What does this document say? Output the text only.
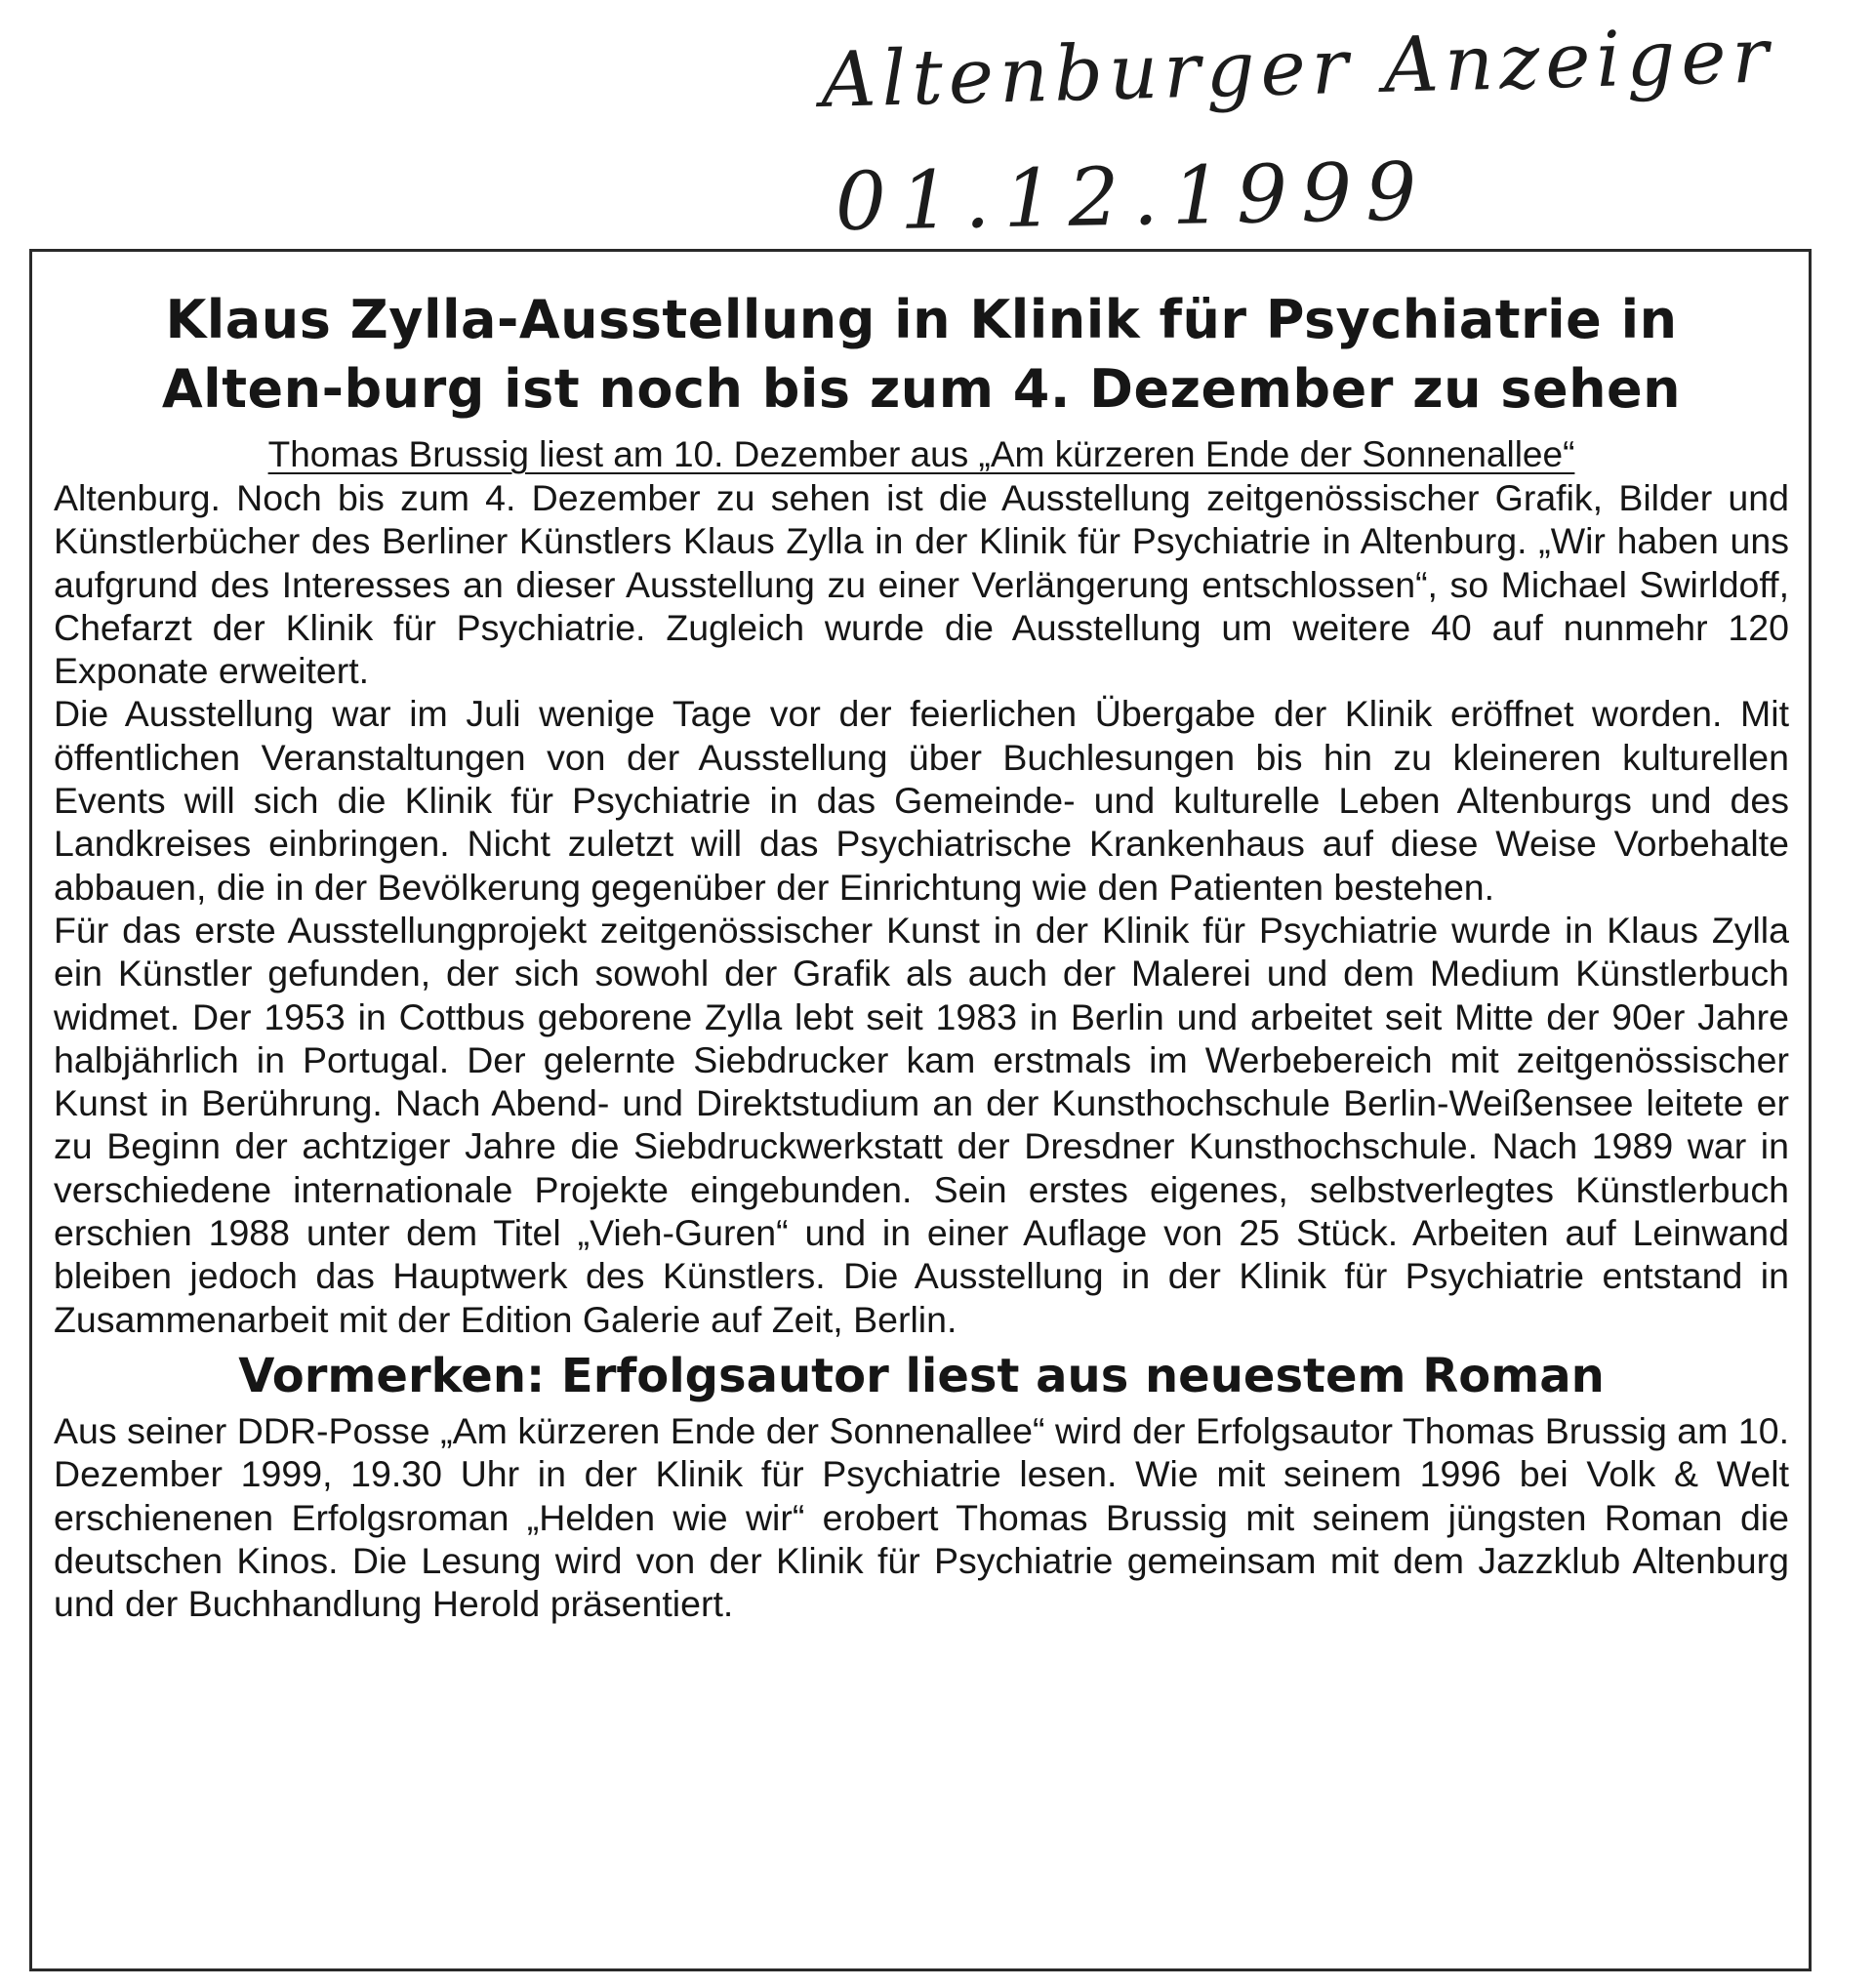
Altenburger Anzeiger
01.12.1999
Klaus Zylla-Ausstellung in Klinik für Psychiatrie in Alten-burg ist noch bis zum 4. Dezember zu sehen
Thomas Brussig liest am 10. Dezember aus „Am kürzeren Ende der Sonnenallee“

Altenburg. Noch bis zum 4. Dezember zu sehen ist die Ausstellung zeitgenössischer Grafik, Bilder und Künstlerbücher des Berliner Künstlers Klaus Zylla in der Klinik für Psychiatrie in Altenburg. „Wir haben uns aufgrund des Interesses an dieser Ausstellung zu einer Verlängerung entschlossen“, so Michael Swirldoff, Chefarzt der Klinik für Psychiatrie. Zugleich wurde die Ausstellung um weitere 40 auf nunmehr 120 Exponate erweitert.

Die Ausstellung war im Juli wenige Tage vor der feierlichen Übergabe der Klinik eröffnet worden. Mit öffentlichen Veranstaltungen von der Ausstellung über Buchlesungen bis hin zu kleineren kulturellen Events will sich die Klinik für Psychiatrie in das Gemeinde- und kulturelle Leben Altenburgs und des Landkreises einbringen. Nicht zuletzt will das Psychiatrische Krankenhaus auf diese Weise Vorbehalte abbauen, die in der Bevölkerung gegenüber der Einrichtung wie den Patienten bestehen.

Für das erste Ausstellungprojekt zeitgenössischer Kunst in der Klinik für Psychiatrie wurde in Klaus Zylla ein Künstler gefunden, der sich sowohl der Grafik als auch der Malerei und dem Medium Künstlerbuch widmet. Der 1953 in Cottbus geborene Zylla lebt seit 1983 in Berlin und arbeitet seit Mitte der 90er Jahre halbjährlich in Portugal. Der gelernte Siebdrucker kam erstmals im Werbebereich mit zeitgenössischer Kunst in Berührung. Nach Abend- und Direktstudium an der Kunsthochschule Berlin-Weißensee leitete er zu Beginn der achtziger Jahre die Siebdruckwerkstatt der Dresdner Kunsthochschule. Nach 1989 war in verschiedene internationale Projekte eingebunden. Sein erstes eigenes, selbstverlegtes Künstlerbuch erschien 1988 unter dem Titel „Vieh-Guren“ und in einer Auflage von 25 Stück. Arbeiten auf Leinwand bleiben jedoch das Hauptwerk des Künstlers. Die Ausstellung in der Klinik für Psychiatrie entstand in Zusammenarbeit mit der Edition Galerie auf Zeit, Berlin.

Vormerken: Erfolgsautor liest aus neuestem Roman

Aus seiner DDR-Posse „Am kürzeren Ende der Sonnenallee“ wird der Erfolgsautor Thomas Brussig am 10. Dezember 1999, 19.30 Uhr in der Klinik für Psychiatrie lesen. Wie mit seinem 1996 bei Volk & Welt erschienenen Erfolgsroman „Helden wie wir“ erobert Thomas Brussig mit seinem jüngsten Roman die deutschen Kinos. Die Lesung wird von der Klinik für Psychiatrie gemeinsam mit dem Jazzklub Altenburg und der Buchhandlung Herold präsentiert.
